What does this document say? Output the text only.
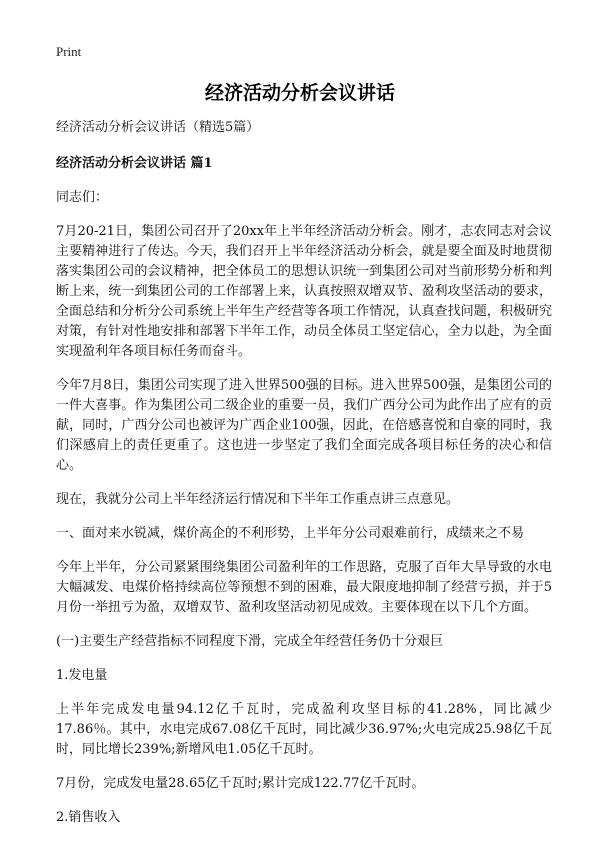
Print
经济活动分析会议讲话

经济活动分析会议讲话（精选5篇）

经济活动分析会议讲话 篇1

同志们：

7月20-21日，集团公司召开了20xx年上半年经济活动分析会。刚才，志农同志对会议主要精神进行了传达。今天，我们召开上半年经济活动分析会，就是要全面及时地贯彻落实集团公司的会议精神，把全体员工的思想认识统一到集团公司对当前形势分析和判断上来，统一到集团公司的工作部署上来，认真按照双增双节、盈利攻坚活动的要求，全面总结和分析分公司系统上半年生产经营等各项工作情况，认真查找问题，积极研究对策，有针对性地安排和部署下半年工作，动员全体员工坚定信心，全力以赴，为全面实现盈利年各项目标任务而奋斗。

今年7月8日，集团公司实现了进入世界500强的目标。进入世界500强，是集团公司的一件大喜事。作为集团公司二级企业的重要一员，我们广西分公司为此作出了应有的贡献，同时，广西分公司也被评为广西企业100强，因此，在倍感喜悦和自豪的同时，我们深感肩上的责任更重了。这也进一步坚定了我们全面完成各项目标任务的决心和信心。

现在，我就分公司上半年经济运行情况和下半年工作重点讲三点意见。

一、面对来水锐减，煤价高企的不利形势，上半年分公司艰难前行，成绩来之不易

今年上半年，分公司紧紧围绕集团公司盈利年的工作思路，克服了百年大旱导致的水电大幅减发、电煤价格持续高位等预想不到的困难，最大限度地抑制了经营亏损，并于5月份一举扭亏为盈，双增双节、盈利攻坚活动初见成效。主要体现在以下几个方面。

(一)主要生产经营指标不同程度下滑，完成全年经营任务仍十分艰巨

1.发电量

上半年完成发电量94.12亿千瓦时，完成盈利攻坚目标的41.28%，同比减少17.86％。其中，水电完成67.08亿千瓦时，同比减少36.97%;火电完成25.98亿千瓦时，同比增长239%;新增风电1.05亿千瓦时。

7月份，完成发电量28.65亿千瓦时;累计完成122.77亿千瓦时。

2.销售收入
